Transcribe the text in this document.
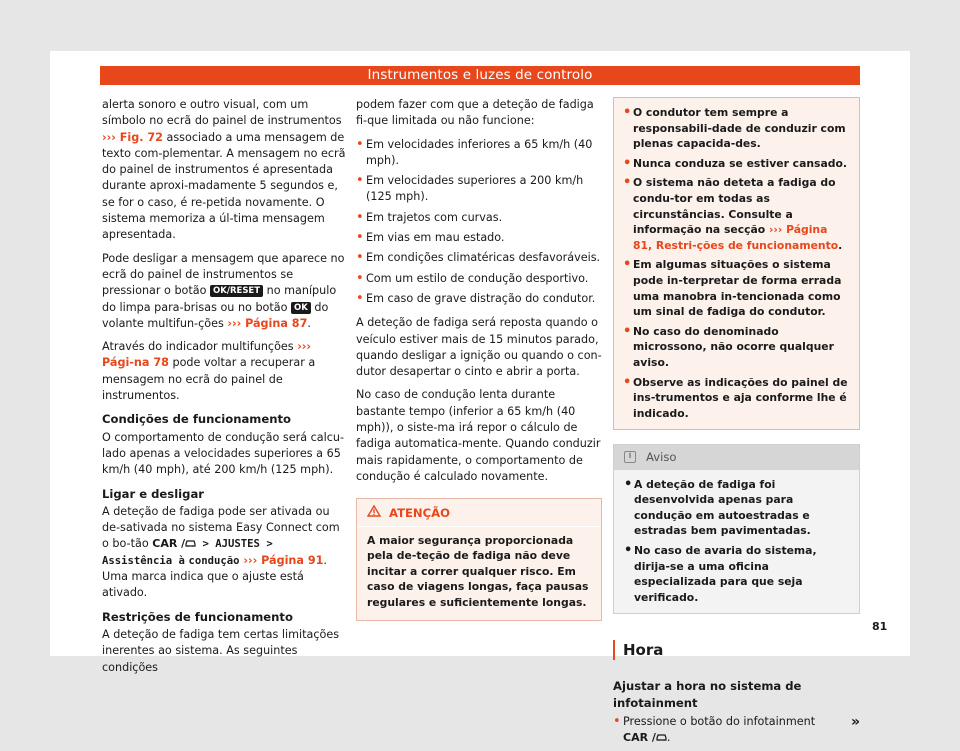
Instrumentos e luzes de controlo

alerta sonoro e outro visual, com um símbolo no ecrã do painel de instrumentos ››› Fig. 72 associado a uma mensagem de texto com-plementar. A mensagem no ecrã do painel de instrumentos é apresentada durante aproxi-madamente 5 segundos e, se for o caso, é re-petida novamente. O sistema memoriza a úl-tima mensagem apresentada.

Pode desligar a mensagem que aparece no ecrã do painel de instrumentos se pressionar o botão OK/RESET no manípulo do limpa para-brisas ou no botão OK do volante multifun-ções ››› Página 87.

Através do indicador multifunções ››› Pági-na 78 pode voltar a recuperar a mensagem no ecrã do painel de instrumentos.

Condições de funcionamento

O comportamento de condução será calcu-lado apenas a velocidades superiores a 65 km/h (40 mph), até 200 km/h (125 mph).

Ligar e desligar

A deteção de fadiga pode ser ativada ou de-sativada no sistema Easy Connect com o bo-tão CAR / > AJUSTES > Assistência à condução ››› Página 91. Uma marca indica que o ajuste está ativado.

Restrições de funcionamento

A deteção de fadiga tem certas limitações inerentes ao sistema. As seguintes condições

podem fazer com que a deteção de fadiga fi-que limitada ou não funcione:

• Em velocidades inferiores a 65 km/h (40 mph).
• Em velocidades superiores a 200 km/h (125 mph).
• Em trajetos com curvas.
• Em vias em mau estado.
• Em condições climatéricas desfavoráveis.
• Com um estilo de condução desportivo.
• Em caso de grave distração do condutor.

A deteção de fadiga será reposta quando o veículo estiver mais de 15 minutos parado, quando desligar a ignição ou quando o con-dutor desapertar o cinto e abrir a porta.

No caso de condução lenta durante bastante tempo (inferior a 65 km/h (40 mph)), o siste-ma irá repor o cálculo de fadiga automatica-mente. Quando conduzir mais rapidamente, o comportamento de condução é calculado novamente.

ATENÇÃO
A maior segurança proporcionada pela de-teção de fadiga não deve incitar a correr qualquer risco. Em caso de viagens longas, faça pausas regulares e suficientemente longas.
• O condutor tem sempre a responsabili-dade de conduzir com plenas capacida-des.
• Nunca conduza se estiver cansado.
• O sistema não deteta a fadiga do condu-tor em todas as circunstâncias. Consulte a informação na secção ››› Página 81, Restri-ções de funcionamento.
• Em algumas situações o sistema pode in-terpretar de forma errada uma manobra in-tencionada como um sinal de fadiga do condutor.
• No caso do denominado microssono, não ocorre qualquer aviso.
• Observe as indicações do painel de ins-trumentos e aja conforme lhe é indicado.
i	Aviso
• A deteção de fadiga foi desenvolvida apenas para condução em autoestradas e estradas bem pavimentadas.
• No caso de avaria do sistema, dirija-se a uma oficina especializada para que seja verificado.
Hora
Ajustar a hora no sistema de infotainment
• Pressione o botão do infotainment CAR / .
»
81
